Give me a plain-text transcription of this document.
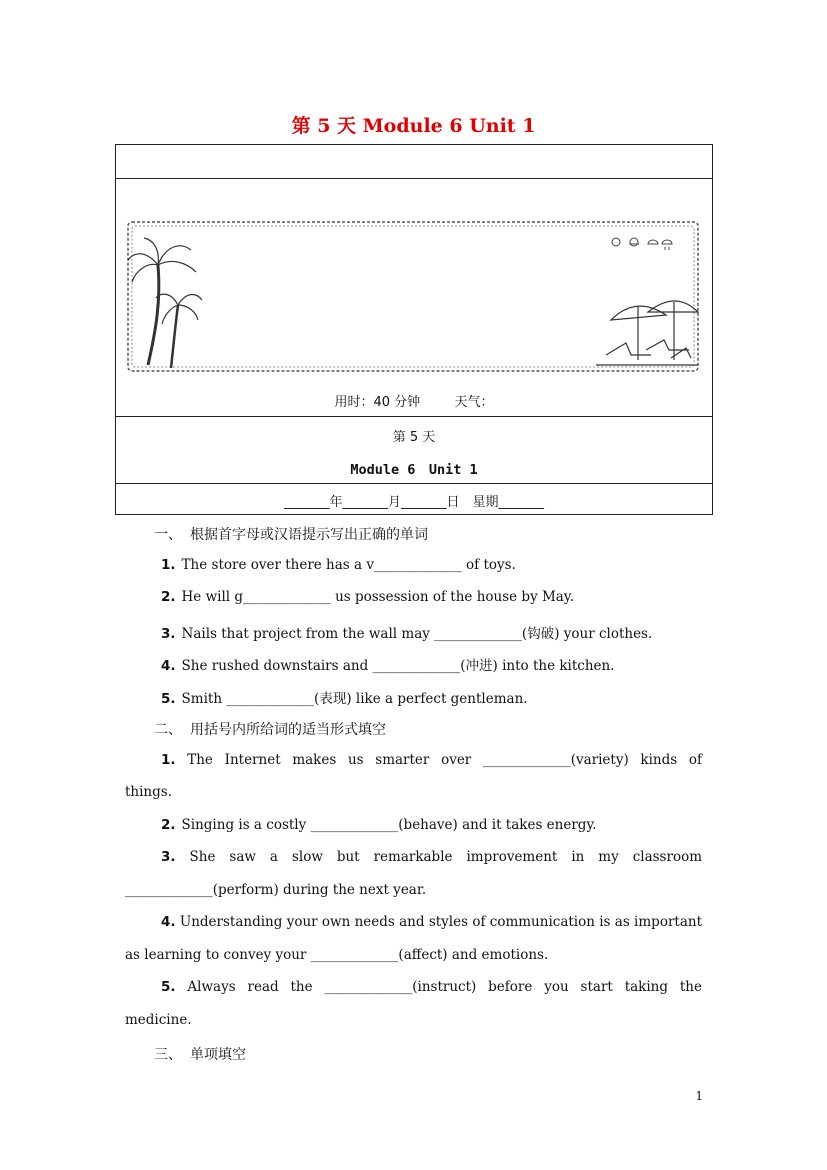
第 5 天 Module 6 Unit 1
用时：40 分钟	天气：
第 5 天
Module 6　Unit 1
_______年_______月_______日　星期_______
一、 根据首字母或汉语提示写出正确的单词
1. The store over there has a v_____________ of toys.
2. He will g_____________ us possession of the house by May.
3. Nails that project from the wall may _____________(钩破) your clothes.
4. She rushed downstairs and _____________(冲进) into the kitchen.
5. Smith _____________(表现) like a perfect gentleman.
二、 用括号内所给词的适当形式填空
1. The Internet makes us smarter over _____________(variety) kinds of
things.
2. Singing is a costly _____________(behave) and it takes energy.
3. She saw a slow but remarkable improvement in my classroom
_____________(perform) during the next year.
4. Understanding your own needs and styles of communication is as important
as learning to convey your _____________(affect) and emotions.
5. Always read the _____________(instruct) before you start taking the
medicine.
三、 单项填空
1
